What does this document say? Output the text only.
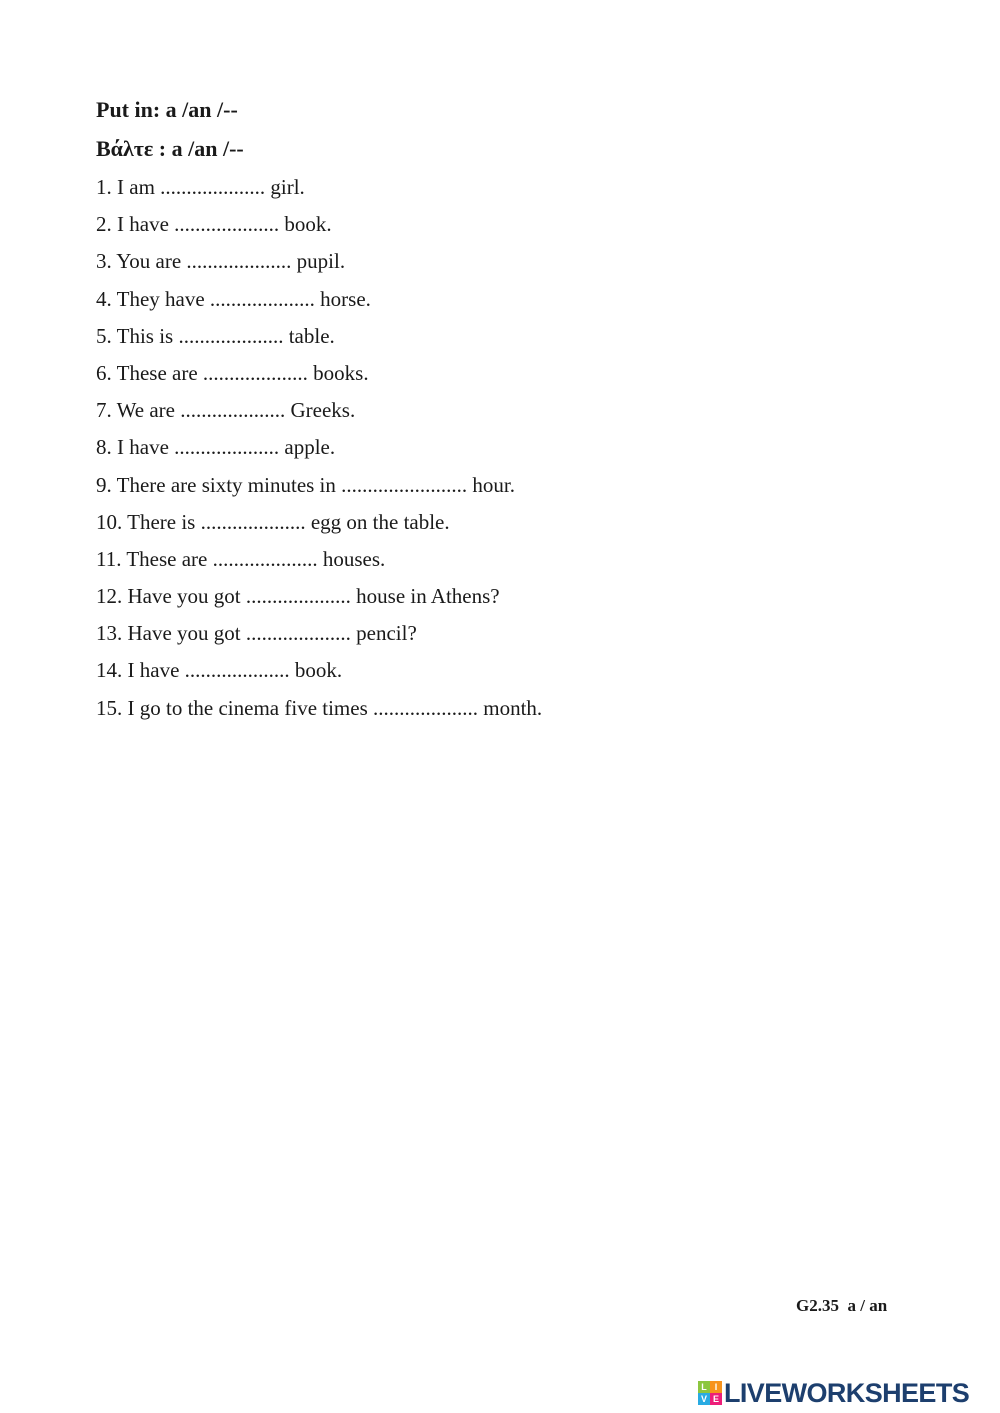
Put in: a /an /--
Βάλτε : a /an /--
1. I am .................... girl.
2. I have .................... book.
3. You are .................... pupil.
4. They have .................... horse.
5. This is .................... table.
6. These are .................... books.
7. We are .................... Greeks.
8. I have .................... apple.
9. There are sixty minutes in ........................ hour.
10. There is .................... egg on the table.
11. These are .................... houses.
12. Have you got .................... house in Athens?
13. Have you got .................... pencil?
14. I have .................... book.
15. I go to the cinema five times .................... month.
G2.35  a / an
L I
V E LIVEWORKSHEETS
